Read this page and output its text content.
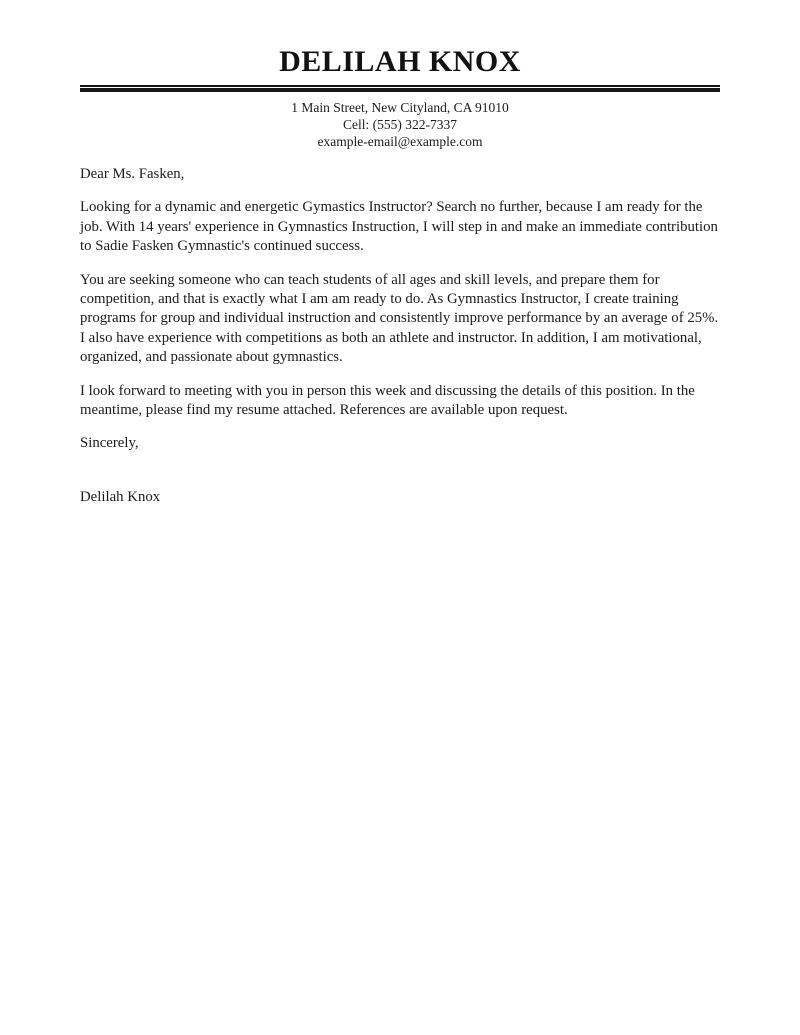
DELILAH KNOX
1 Main Street, New Cityland, CA 91010
Cell: (555) 322-7337
example-email@example.com

Dear Ms. Fasken,

Looking for a dynamic and energetic Gymastics Instructor? Search no further, because I am ready for the job. With 14 years' experience in Gymnastics Instruction, I will step in and make an immediate contribution to Sadie Fasken Gymnastic's continued success.

You are seeking someone who can teach students of all ages and skill levels, and prepare them for competition, and that is exactly what I am am ready to do. As Gymnastics Instructor, I create training programs for group and individual instruction and consistently improve performance by an average of 25%. I also have experience with competitions as both an athlete and instructor. In addition, I am motivational, organized, and passionate about gymnastics.

I look forward to meeting with you in person this week and discussing the details of this position. In the meantime, please find my resume attached. References are available upon request.

Sincerely,

Delilah Knox
